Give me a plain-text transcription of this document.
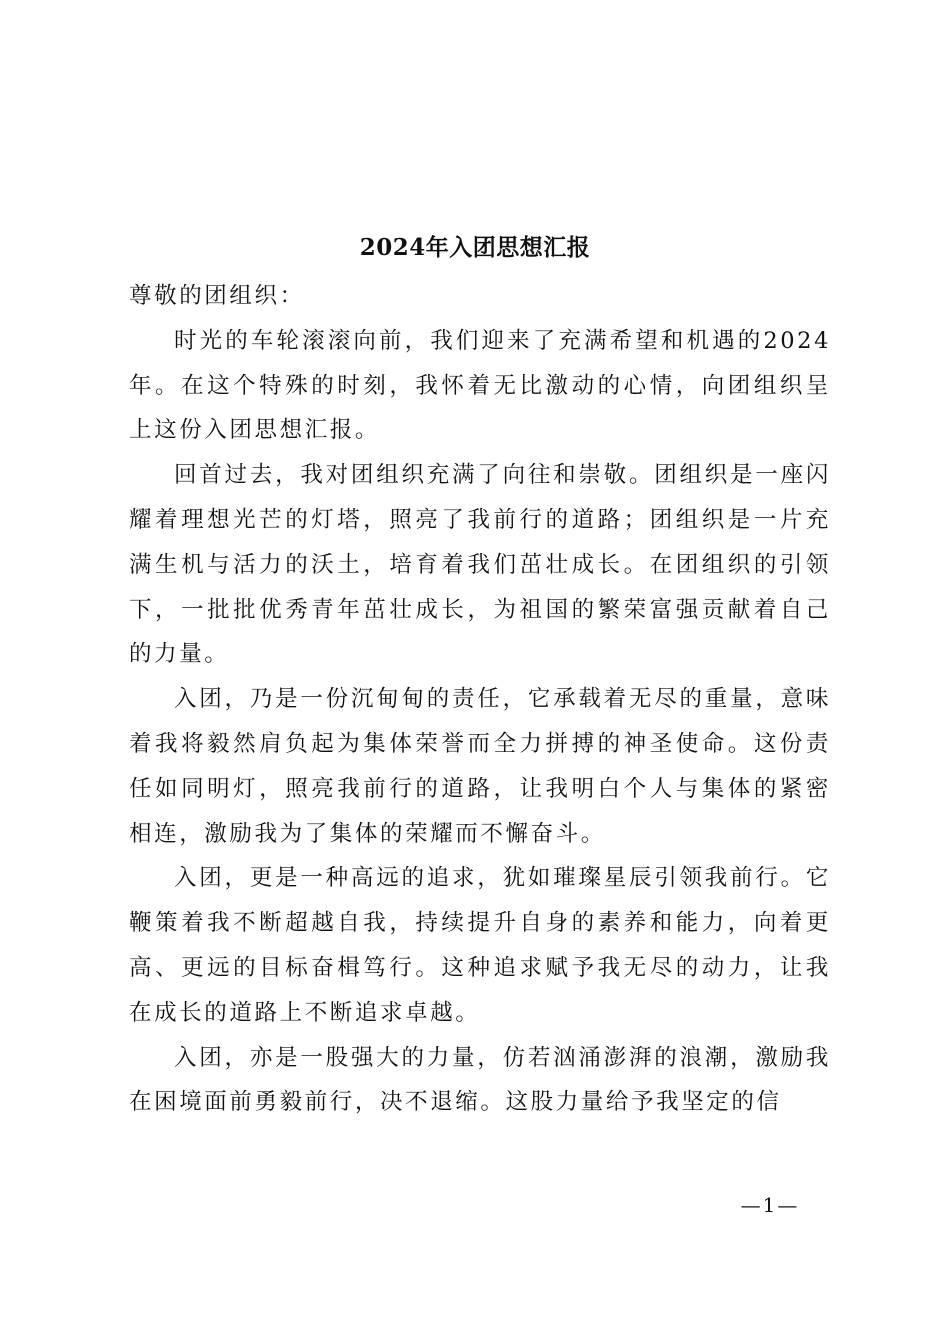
2024年入团思想汇报

尊敬的团组织：

时光的车轮滚滚向前，我们迎来了充满希望和机遇的2024年。在这个特殊的时刻，我怀着无比激动的心情，向团组织呈上这份入团思想汇报。

回首过去，我对团组织充满了向往和崇敬。团组织是一座闪耀着理想光芒的灯塔，照亮了我前行的道路；团组织是一片充满生机与活力的沃土，培育着我们茁壮成长。在团组织的引领下，一批批优秀青年茁壮成长，为祖国的繁荣富强贡献着自己的力量。

入团，乃是一份沉甸甸的责任，它承载着无尽的重量，意味着我将毅然肩负起为集体荣誉而全力拼搏的神圣使命。这份责任如同明灯，照亮我前行的道路，让我明白个人与集体的紧密相连，激励我为了集体的荣耀而不懈奋斗。

入团，更是一种高远的追求，犹如璀璨星辰引领我前行。它鞭策着我不断超越自我，持续提升自身的素养和能力，向着更高、更远的目标奋楫笃行。这种追求赋予我无尽的动力，让我在成长的道路上不断追求卓越。

入团，亦是一股强大的力量，仿若汹涌澎湃的浪潮，激励我在困境面前勇毅前行，决不退缩。这股力量给予我坚定的信

—1—
